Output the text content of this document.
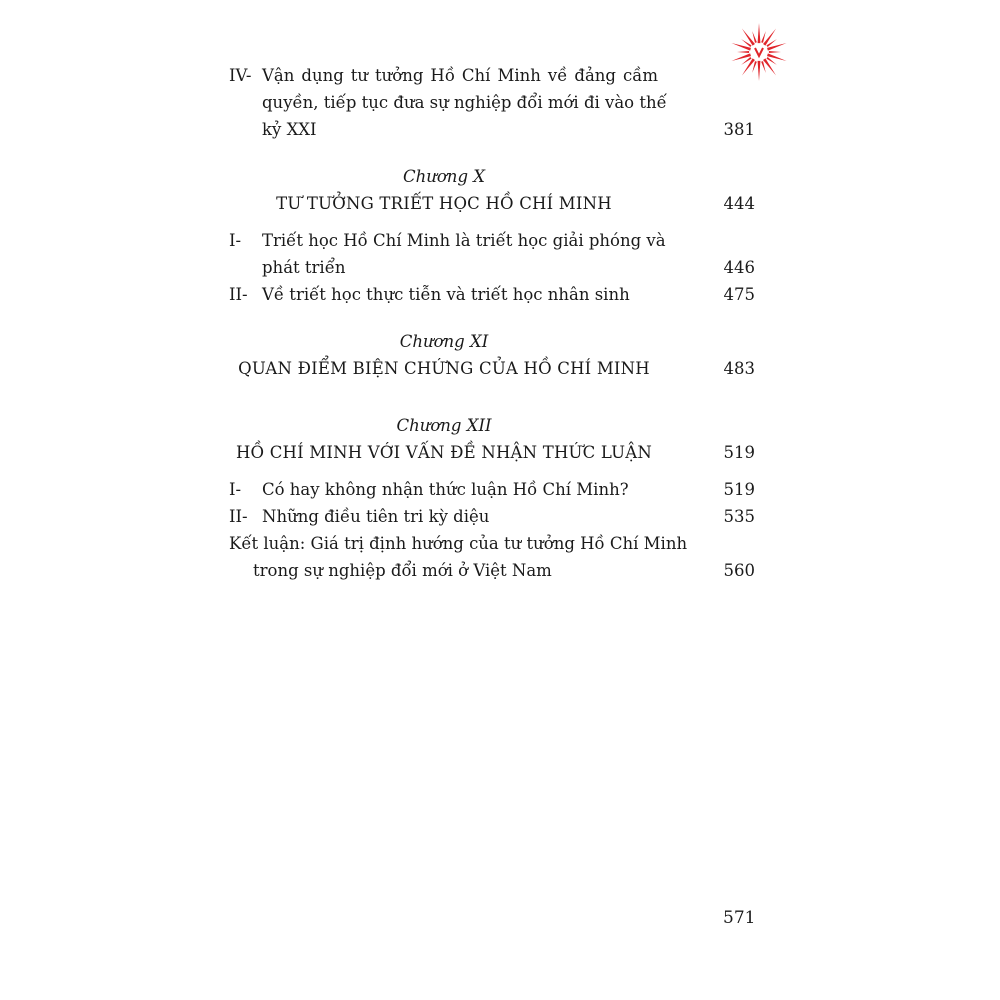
IV- Vận dụng tư tưởng Hồ Chí Minh về đảng cầm
quyền, tiếp tục đưa sự nghiệp đổi mới đi vào thế
kỷ XXI	381
Chương X
TƯ TƯỞNG TRIẾT HỌC HỒ CHÍ MINH	444
I- Triết học Hồ Chí Minh là triết học giải phóng và
phát triển	446
II- Về triết học thực tiễn và triết học nhân sinh	475
Chương XI
QUAN ĐIỂM BIỆN CHỨNG CỦA HỒ CHÍ MINH	483
Chương XII
HỒ CHÍ MINH VỚI VẤN ĐỀ NHẬN THỨC LUẬN	519
I- Có hay không nhận thức luận Hồ Chí Minh?	519
II- Những điều tiên tri kỳ diệu	535
Kết luận: Giá trị định hướng của tư tưởng Hồ Chí Minh
trong sự nghiệp đổi mới ở Việt Nam	560
571
